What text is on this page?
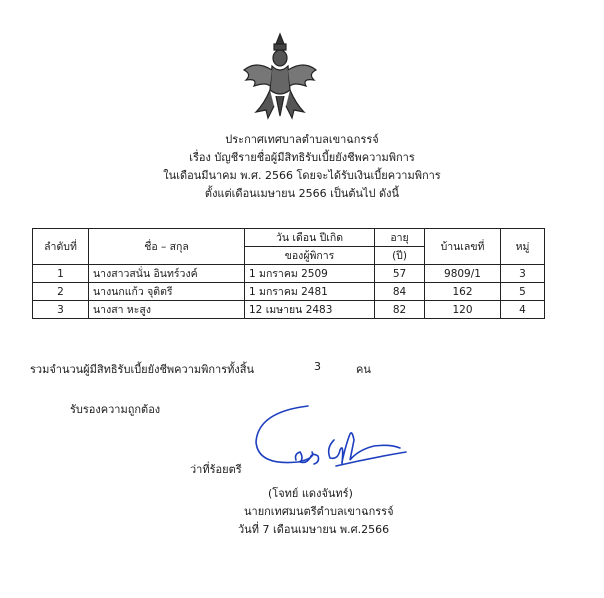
ประกาศเทศบาลตำบลเขาฉกรรจ์
เรื่อง บัญชีรายชื่อผู้มีสิทธิรับเบี้ยยังชีพความพิการ
ในเดือนมีนาคม พ.ศ. 2566 โดยจะได้รับเงินเบี้ยความพิการ
ตั้งแต่เดือนเมษายน 2566 เป็นต้นไป ดังนี้
ลำดับที่	ชื่อ – สกุล	วัน เดือน ปีเกิด	อายุ	บ้านเลขที่	หมู่
		ของผู้พิการ	(ปี)		
1	นางสาวสนั่น อินทร์วงค์	1 มกราคม 2509	57	9809/1	3
2	นางนกแก้ว จุติตรี	1 มกราคม 2481	84	162	5
3	นางสา หะสูง	12 เมษายน 2483	82	120	4
รวมจำนวนผู้มีสิทธิรับเบี้ยยังชีพความพิการทั้งสิ้น	3	คน
รับรองความถูกต้อง
ว่าที่ร้อยตรี
(โจทย์ แดงจันทร์)
นายกเทศมนตรีตำบลเขาฉกรรจ์
วันที่ 7 เดือนเมษายน พ.ศ.2566
